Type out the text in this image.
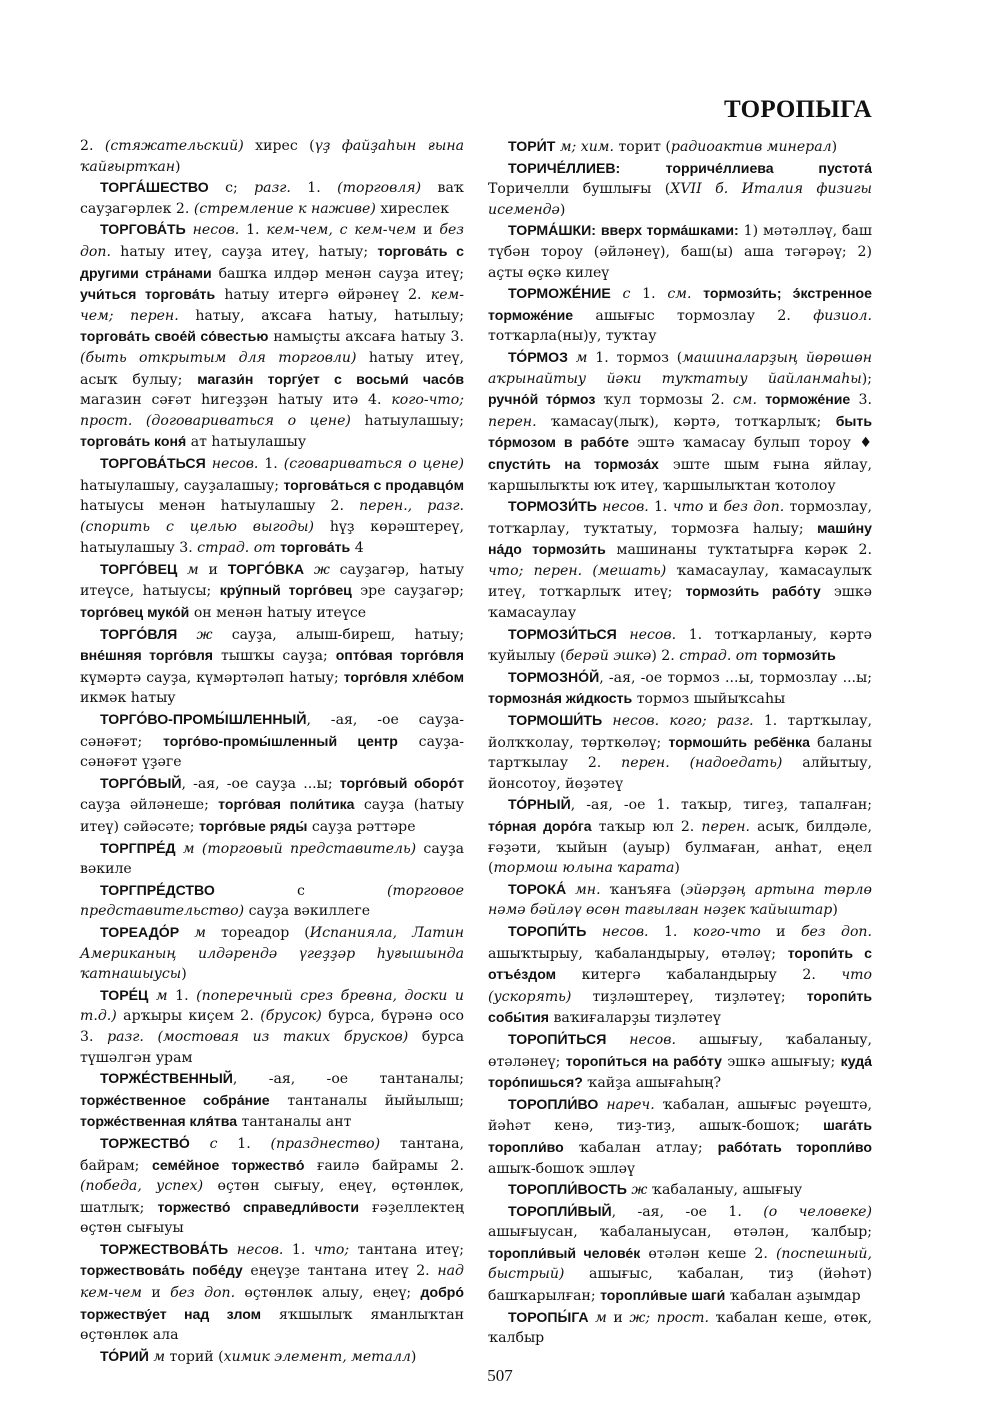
ТОРОПЫГА

2. (стяжательский) хирес (үҙ файҙаһын ғына ҡайғыртҡан)

ТОРГА́ШЕСТВО с; разг. 1. (торговля) ваҡ сауҙагәрлек 2. (стремление к наживе) хиреслек

ТОРГОВА́ТЬ несов. 1. кем-чем, с кем-чем и без доп. һатыу итеү, сауҙа итеү, һатыу; торгова́ть с другими стра́нами башҡа илдәр менән сауҙа итеү; учи́ться торгова́ть һатыу итергә өйрәнеү 2. кем-чем; перен. һатыу, аҡсаға һатыу, һатылыу; торгова́ть свое́й со́вестью намыҫты аҡсаға һатыу 3. (быть открытым для торговли) һатыу итеү, асыҡ булыу; магази́н торгу́ет с восьми́ часо́в магазин сәғәт һигеҙҙән һатыу итә 4. кого-что; прост. (договариваться о цене) һатыулашыу; торгова́ть коня́ ат һатыулашыу

ТОРГОВА́ТЬСЯ несов. 1. (сговариваться о цене) һатыулашыу, сауҙалашыу; торгова́ться с продавцо́м һатыусы менән һатыулашыу 2. перен., разг. (спорить с целью выгоды) һүҙ көрәштереү, һатыулашыу 3. страд. от торгова́ть 4

ТОРГО́ВЕЦ м и ТОРГО́ВКА ж сауҙагәр, һатыу итеүсе, һатыусы; кру́пный торго́вец эре сауҙагәр; торго́вец муко́й он менән һатыу итеүсе

ТОРГО́ВЛЯ ж сауҙа, алыш-биреш, һатыу; вне́шняя торго́вля тышҡы сауҙа; опто́вая торго́вля күмәртә сауҙа, күмәртәләп һатыу; торго́вля хле́бом икмәк һатыу

ТОРГО́ВО-ПРОМЫ́ШЛЕННЫЙ, -ая, -ое сауҙа-сәнәғәт; торго́во-промы́шленный центр сауҙа-сәнәғәт үҙәге

ТОРГО́ВЫЙ, -ая, -ое сауҙа ...ы; торго́вый оборо́т сауҙа әйләнеше; торго́вая поли́тика сауҙа (һатыу итеү) сәйәсәте; торго́вые ряды́ сауҙа рәттәре

ТОРГПРЕ́Д м (торговый представитель) сауҙа вәкиле

ТОРГПРЕ́ДСТВО с (торговое представительство) сауҙа вәкиллеге

ТОРЕАДО́Р м тореадор (Испанияла, Латин Американың илдәрендә үгеҙҙәр һуғышында ҡатнашыусы)

ТОРЕ́Ц м 1. (поперечный срез бревна, доски и т.д.) арҡыры киҫем 2. (брусок) бурса, бүрәнә осо 3. разг. (мостовая из таких брусков) бурса түшәлгән урам

ТОРЖЕ́СТВЕННЫЙ, -ая, -ое тантаналы; торже́ственное собра́ние тантаналы йыйылыш; торже́ственная кля́тва тантаналы ант

ТОРЖЕСТВО́ с 1. (празднество) тантана, байрам; семе́йное торжество́ ғаилә байрамы 2. (победа, успех) өҫтөн сығыу, еңеү, өҫтөнлөк, шатлыҡ; торжество́ справедли́вости ғәҙеллектең өҫтөн сығыуы

ТОРЖЕСТВОВА́ТЬ несов. 1. что; тантана итеү; торжествова́ть побе́ду еңеүҙе тантана итеү 2. над кем-чем и без доп. өҫтөнлөк алыу, еңеү; добро́ торжеству́ет над злом яҡшылыҡ яманлыҡтан өҫтөнлөк ала

ТО́РИЙ м торий (химик элемент, металл)

ТОРИ́Т м; хим. торит (радиоактив минерал)

ТОРИЧЕ́ЛЛИЕВ:	торриче́ллиева пустота́ Торичелли бушлығы (XVII б. Италия физигы исемендә)

ТОРМА́ШКИ: вверх торма́шками: 1) мәтәлләү, баш түбән тороу (әйләнеү), баш(ы) аша тәгәрәү; 2) аҫты өҫкә килеү

ТОРМОЖЕ́НИЕ с 1. см. тормози́ть; э́кстренное торможе́ние ашығыс тормозлау 2. физиол. тотҡарла(ны)у, туҡтау

ТО́РМОЗ м 1. тормоз (машиналарҙың йөрөшөн аҡрынайтыу йәки туҡтатыу йайланмаһы); ручно́й то́рмоз ҡул тормозы 2. см. торможе́ние 3. перен. ҡамасау(лыҡ), кәртә, тотҡарлыҡ; быть то́рмозом в рабо́те эштә ҡамасау булып тороу ♦ спусти́ть на тормоза́х эште шым ғына яйлау, ҡаршылыҡты юҡ итеү, ҡаршылыҡтан ҡотолоу

ТОРМОЗИ́ТЬ несов. 1. что и без доп. тормозлау, тотҡарлау, туҡтатыу, тормозға һалыу; маши́ну на́до тормози́ть машинаны туҡтатырға кәрәк 2. что; перен. (мешать) ҡамасаулау, ҡамасаулыҡ итеү, тотҡарлыҡ итеү; тормози́ть рабо́ту эшкә ҡамасаулау

ТОРМОЗИ́ТЬСЯ несов. 1. тотҡарланыу, кәртә ҡуйылыу (берәй эшкә) 2. страд. от тормози́ть

ТОРМОЗНО́Й, -ая, -ое тормоз ...ы, тормозлау ...ы; тормозна́я жи́дкость тормоз шыйыҡсаһы

ТОРМОШИ́ТЬ несов. кого; разг. 1. тартҡылау, йолҡҡолау, төрткөләү; тормоши́ть ребёнка баланы тартҡылау 2. перен. (надоедать) алйытыу, йонсотоу, йөҙәтеү

ТО́РНЫЙ, -ая, -ое 1. таҡыр, тигеҙ, тапалған; то́рная доро́га таҡыр юл 2. перен. асыҡ, билдәле, ғәҙәти, ҡыйын (ауыр) булмаған, анһат, еңел (тормош юлына ҡарата)

ТОРОКА́ мн. ҡанъяға (эйәрҙәң артына төрлө нәмә бәйләү өсөн тағылған нәҙек ҡайыштар)

ТОРОПИ́ТЬ несов. 1. кого-что и без доп. ашыҡтырыу, ҡабаландырыу, өтәләү; торопи́ть с отъе́здом китергә ҡабаландырыу 2. что (ускорять) тиҙләштереү, тиҙләтеү; торопи́ть собы́тия ваҡиғаларҙы тиҙләтеү

ТОРОПИ́ТЬСЯ несов. ашығыу, ҡабаланыу, өтәләнеү; торопи́ться на рабо́ту эшкә ашығыу; куда́ торо́пишься? ҡайҙа ашығаһың?

ТОРОПЛИ́ВО нареч. ҡабалан, ашығыс рәүештә, йәһәт кенә, тиҙ-тиҙ, ашыҡ-бошоҡ; шага́ть торопли́во ҡабалан атлау; рабо́тать торопли́во ашыҡ-бошоҡ эшләү

ТОРОПЛИ́ВОСТЬ ж ҡабаланыу, ашығыу

ТОРОПЛИ́ВЫЙ, -ая, -ое 1. (о человеке) ашығыусан, ҡабаланыусан, өтәлән, ҡалбыр; торопли́вый челове́к өтәлән кеше 2. (поспешный, быстрый) ашығыс, ҡабалан, тиҙ (йәһәт) башҡарылған; торопли́вые шаги́ ҡабалан аҙымдар

ТОРОПЫ́ГА м и ж; прост. ҡабалан кеше, өтөк, ҡалбыр

507
